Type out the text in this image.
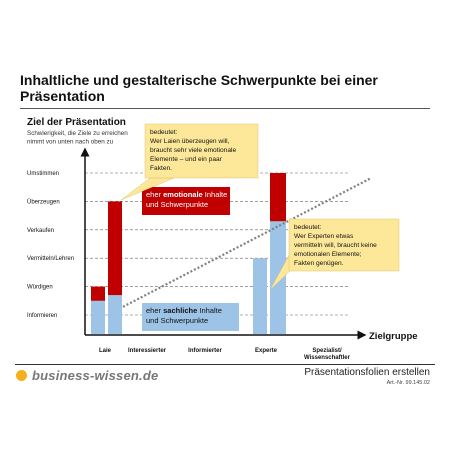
Inhaltliche und gestalterische Schwerpunkte bei einer Präsentation
Ziel der Präsentation
Schwierigkeit, die Ziele zu erreichen nimmt von unten nach oben zu
Zielgruppe
Informieren
Würdigen
Vermitteln/Lehren
Verkaufen
Überzeugen
Umstimmen
Laie	Interessierter	Informierter	Experte	Spezialist/ Wissenschaftler
eher emotionale Inhalte
und Schwerpunkte
eher sachliche Inhalte
und Schwerpunkte
bedeutet:
Wer Laien überzeugen will,
braucht sehr viele emotionale
Elemente – und ein paar
Fakten.
bedeutet:
Wer Experten etwas
vermitteln will, braucht keine
emotionalen Elemente;
Fakten genügen.
business-wissen.de	Präsentationsfolien erstellen
Art.-Nr. 99.145.02
